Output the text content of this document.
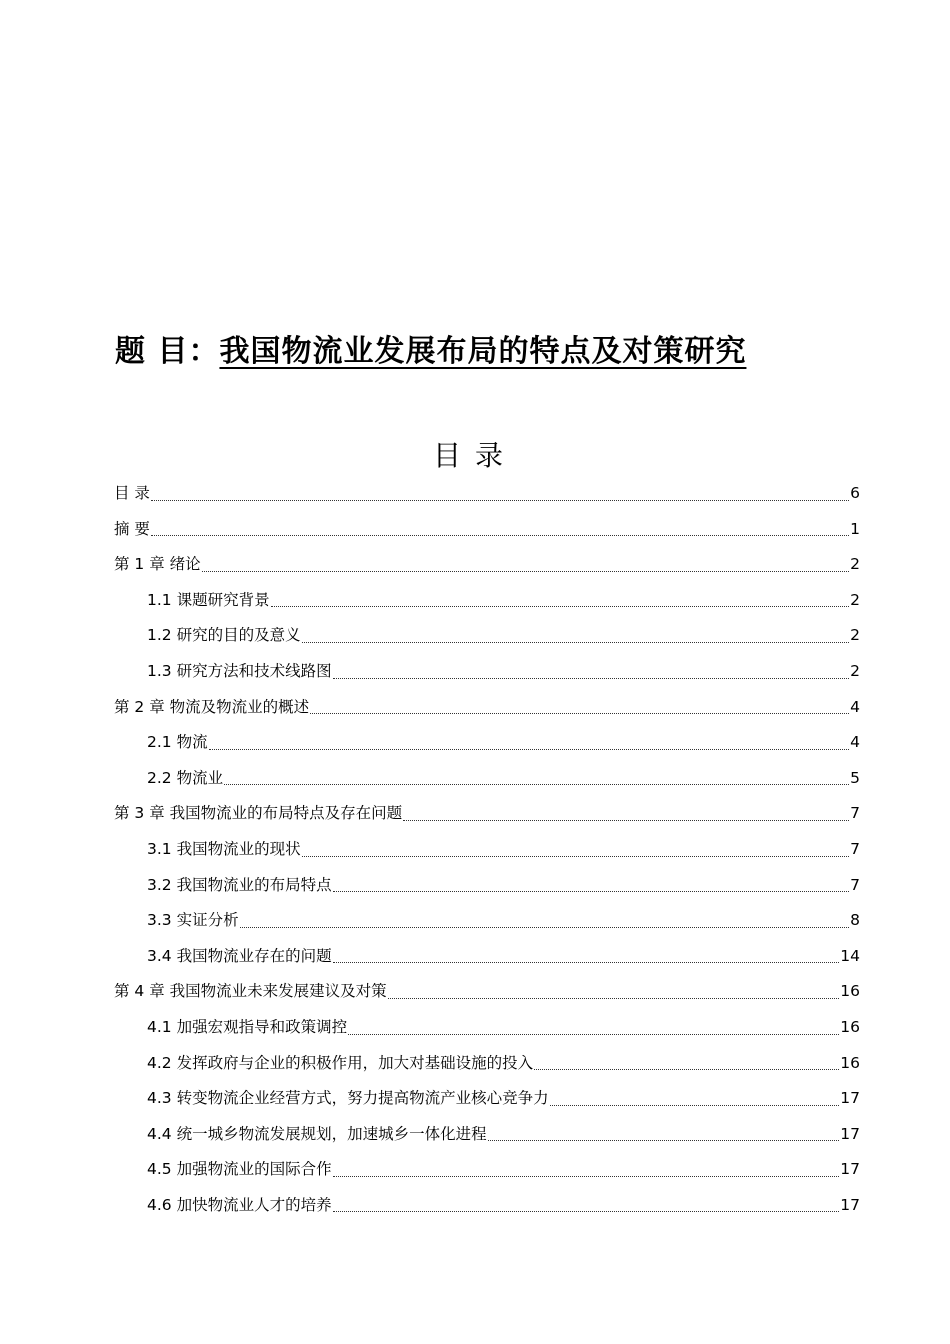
题 目：我国物流业发展布局的特点及对策研究
目录
目 录	6
摘 要	1
第 1 章 绪论	2
1.1 课题研究背景	2
1.2 研究的目的及意义	2
1.3 研究方法和技术线路图	2
第 2 章 物流及物流业的概述	4
2.1 物流	4
2.2 物流业	5
第 3 章 我国物流业的布局特点及存在问题	7
3.1 我国物流业的现状	7
3.2 我国物流业的布局特点	7
3.3 实证分析	8
3.4 我国物流业存在的问题	14
第 4 章 我国物流业未来发展建议及对策	16
4.1 加强宏观指导和政策调控	16
4.2 发挥政府与企业的积极作用，加大对基础设施的投入	16
4.3 转变物流企业经营方式，努力提高物流产业核心竞争力	17
4.4 统一城乡物流发展规划，加速城乡一体化进程	17
4.5 加强物流业的国际合作	17
4.6 加快物流业人才的培养	17
